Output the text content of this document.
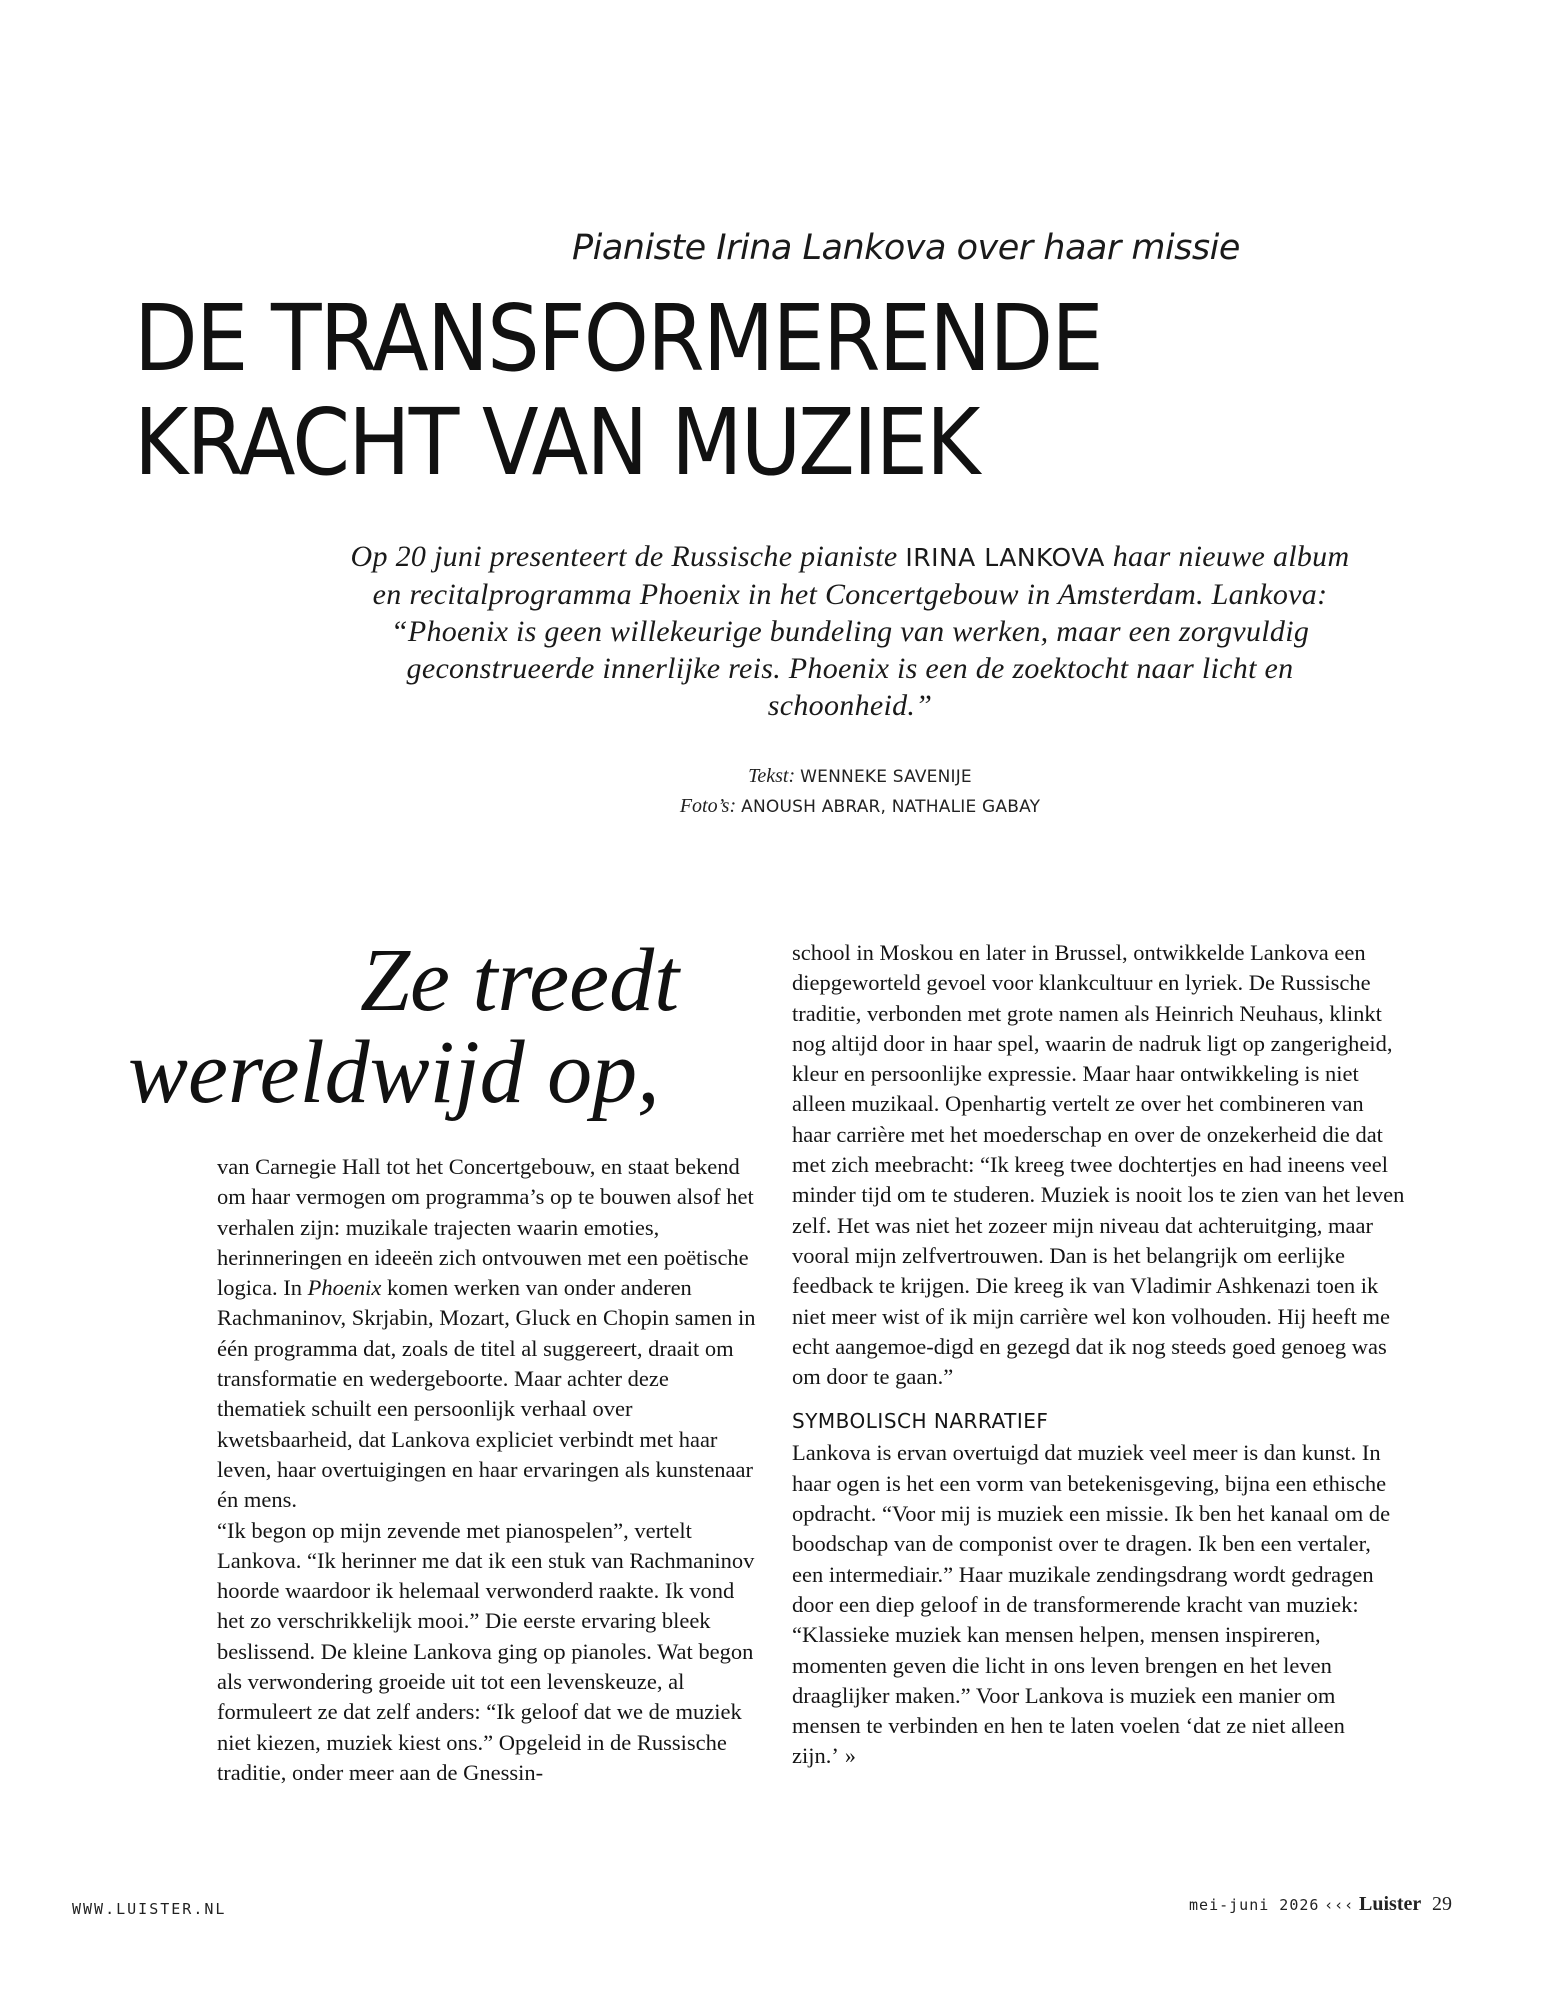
Pianiste Irina Lankova over haar missie
DE TRANSFORMERENDE
KRACHT VAN MUZIEK
Op 20 juni presenteert de Russische pianiste IRINA LANKOVA haar nieuwe album en recitalprogramma Phoenix in het Concertgebouw in Amsterdam. Lankova: “Phoenix is geen willekeurige bundeling van werken, maar een zorgvuldig geconstrueerde innerlijke reis. Phoenix is een de zoektocht naar licht en schoonheid.”
Tekst: WENNEKE SAVENIJE
Foto’s: ANOUSH ABRAR, NATHALIE GABAY
Ze treedt
wereldwijd op,

van Carnegie Hall tot het Concertgebouw, en staat bekend om haar vermogen om programma’s op te bouwen alsof het verhalen zijn: muzikale trajecten waarin emoties, herinneringen en ideeën zich ontvouwen met een poëtische logica. In Phoenix komen werken van onder anderen Rachmaninov, Skrjabin, Mozart, Gluck en Chopin samen in één programma dat, zoals de titel al suggereert, draait om transformatie en wedergeboorte. Maar achter deze thematiek schuilt een persoonlijk verhaal over kwetsbaarheid, dat Lankova expliciet verbindt met haar leven, haar overtuigingen en haar ervaringen als kunstenaar én mens.

“Ik begon op mijn zevende met pianospelen”, vertelt Lankova. “Ik herinner me dat ik een stuk van Rachmaninov hoorde waardoor ik helemaal verwonderd raakte. Ik vond het zo verschrikkelijk mooi.” Die eerste ervaring bleek beslissend. De kleine Lankova ging op pianoles. Wat begon als verwondering groeide uit tot een levenskeuze, al formuleert ze dat zelf anders: “Ik geloof dat we de muziek niet kiezen, muziek kiest ons.” Opgeleid in de Russische traditie, onder meer aan de Gnessin-

school in Moskou en later in Brussel, ontwikkelde Lankova een diepgeworteld gevoel voor klankcultuur en lyriek. De Russische traditie, verbonden met grote namen als Heinrich Neuhaus, klinkt nog altijd door in haar spel, waarin de nadruk ligt op zangerigheid, kleur en persoonlijke expressie. Maar haar ontwikkeling is niet alleen muzikaal. Openhartig vertelt ze over het combineren van haar carrière met het moederschap en over de onzekerheid die dat met zich meebracht: “Ik kreeg twee dochtertjes en had ineens veel minder tijd om te studeren. Muziek is nooit los te zien van het leven zelf. Het was niet het zozeer mijn niveau dat achteruitging, maar vooral mijn zelfvertrouwen. Dan is het belangrijk om eerlijke feedback te krijgen. Die kreeg ik van Vladimir Ashkenazi toen ik niet meer wist of ik mijn carrière wel kon volhouden. Hij heeft me echt aangemoe-digd en gezegd dat ik nog steeds goed genoeg was om door te gaan.”

SYMBOLISCH NARRATIEF

Lankova is ervan overtuigd dat muziek veel meer is dan kunst. In haar ogen is het een vorm van betekenisgeving, bijna een ethische opdracht. “Voor mij is muziek een missie. Ik ben het kanaal om de boodschap van de componist over te dragen. Ik ben een vertaler, een intermediair.” Haar muzikale zendingsdrang wordt gedragen door een diep geloof in de transformerende kracht van muziek: “Klassieke muziek kan mensen helpen, mensen inspireren, momenten geven die licht in ons leven brengen en het leven draaglijker maken.” Voor Lankova is muziek een manier om mensen te verbinden en hen te laten voelen ‘dat ze niet alleen zijn.’ »

WWW.LUISTER.NL	mei-juni 2026 ‹‹‹ Luister 29
